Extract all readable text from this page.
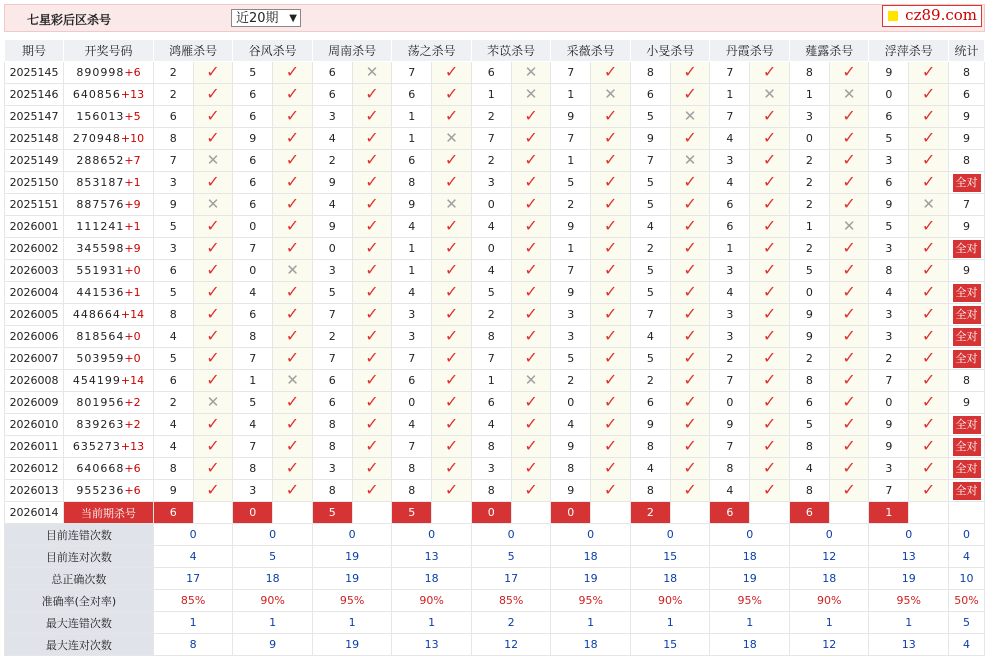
七星彩后区杀号	近20期 ▼	cz89.com
期号	开奖号码	鸿雁杀号		谷风杀号		周南杀号		荡之杀号		芣苡杀号		采薇杀号		小旻杀号		丹霞杀号		薤露杀号		浮萍杀号		统计
2025145	890998+6	2	✓	5	✓	6	✕	7	✓	6	✕	7	✓	8	✓	7	✓	8	✓	9	✓	8
2025146	640856+13	2	✓	6	✓	6	✓	6	✓	1	✕	1	✕	6	✓	1	✕	1	✕	0	✓	6
2025147	156013+5	6	✓	6	✓	3	✓	1	✓	2	✓	9	✓	5	✕	7	✓	3	✓	6	✓	9
2025148	270948+10	8	✓	9	✓	4	✓	1	✕	7	✓	7	✓	9	✓	4	✓	0	✓	5	✓	9
2025149	288652+7	7	✕	6	✓	2	✓	6	✓	2	✓	1	✓	7	✕	3	✓	2	✓	3	✓	8
2025150	853187+1	3	✓	6	✓	9	✓	8	✓	3	✓	5	✓	5	✓	4	✓	2	✓	6	✓	全对
2025151	887576+9	9	✕	6	✓	4	✓	9	✕	0	✓	2	✓	5	✓	6	✓	2	✓	9	✕	7
2026001	111241+1	5	✓	0	✓	9	✓	4	✓	4	✓	9	✓	4	✓	6	✓	1	✕	5	✓	9
2026002	345598+9	3	✓	7	✓	0	✓	1	✓	0	✓	1	✓	2	✓	1	✓	2	✓	3	✓	全对
2026003	551931+0	6	✓	0	✕	3	✓	1	✓	4	✓	7	✓	5	✓	3	✓	5	✓	8	✓	9
2026004	441536+1	5	✓	4	✓	5	✓	4	✓	5	✓	9	✓	5	✓	4	✓	0	✓	4	✓	全对
2026005	448664+14	8	✓	6	✓	7	✓	3	✓	2	✓	3	✓	7	✓	3	✓	9	✓	3	✓	全对
2026006	818564+0	4	✓	8	✓	2	✓	3	✓	8	✓	3	✓	4	✓	3	✓	9	✓	3	✓	全对
2026007	503959+0	5	✓	7	✓	7	✓	7	✓	7	✓	5	✓	5	✓	2	✓	2	✓	2	✓	全对
2026008	454199+14	6	✓	1	✕	6	✓	6	✓	1	✕	2	✓	2	✓	7	✓	8	✓	7	✓	8
2026009	801956+2	2	✕	5	✓	6	✓	0	✓	6	✓	0	✓	6	✓	0	✓	6	✓	0	✓	9
2026010	839263+2	4	✓	4	✓	8	✓	4	✓	4	✓	4	✓	9	✓	9	✓	5	✓	9	✓	全对
2026011	635273+13	4	✓	7	✓	8	✓	7	✓	8	✓	9	✓	8	✓	7	✓	8	✓	9	✓	全对
2026012	640668+6	8	✓	8	✓	3	✓	8	✓	3	✓	8	✓	4	✓	8	✓	4	✓	3	✓	全对
2026013	955236+6	9	✓	3	✓	8	✓	8	✓	8	✓	9	✓	8	✓	4	✓	8	✓	7	✓	全对
2026014	当前期杀号	6		0		5		5		0		0		2		6		6		1		
目前连错次数		0		0		0		0		0		0		0		0		0		0		0
目前连对次数		4		5		19		13		5		18		15		18		12		13		4
总正确次数		17		18		19		18		17		19		18		19		18		19		10
准确率(全对率)		85%		90%		95%		90%		85%		95%		90%		95%		90%		95%		50%
最大连错次数		1		1		1		1		2		1		1		1		1		1		5
最大连对次数		8		9		19		13		12		18		15		18		12		13		4
